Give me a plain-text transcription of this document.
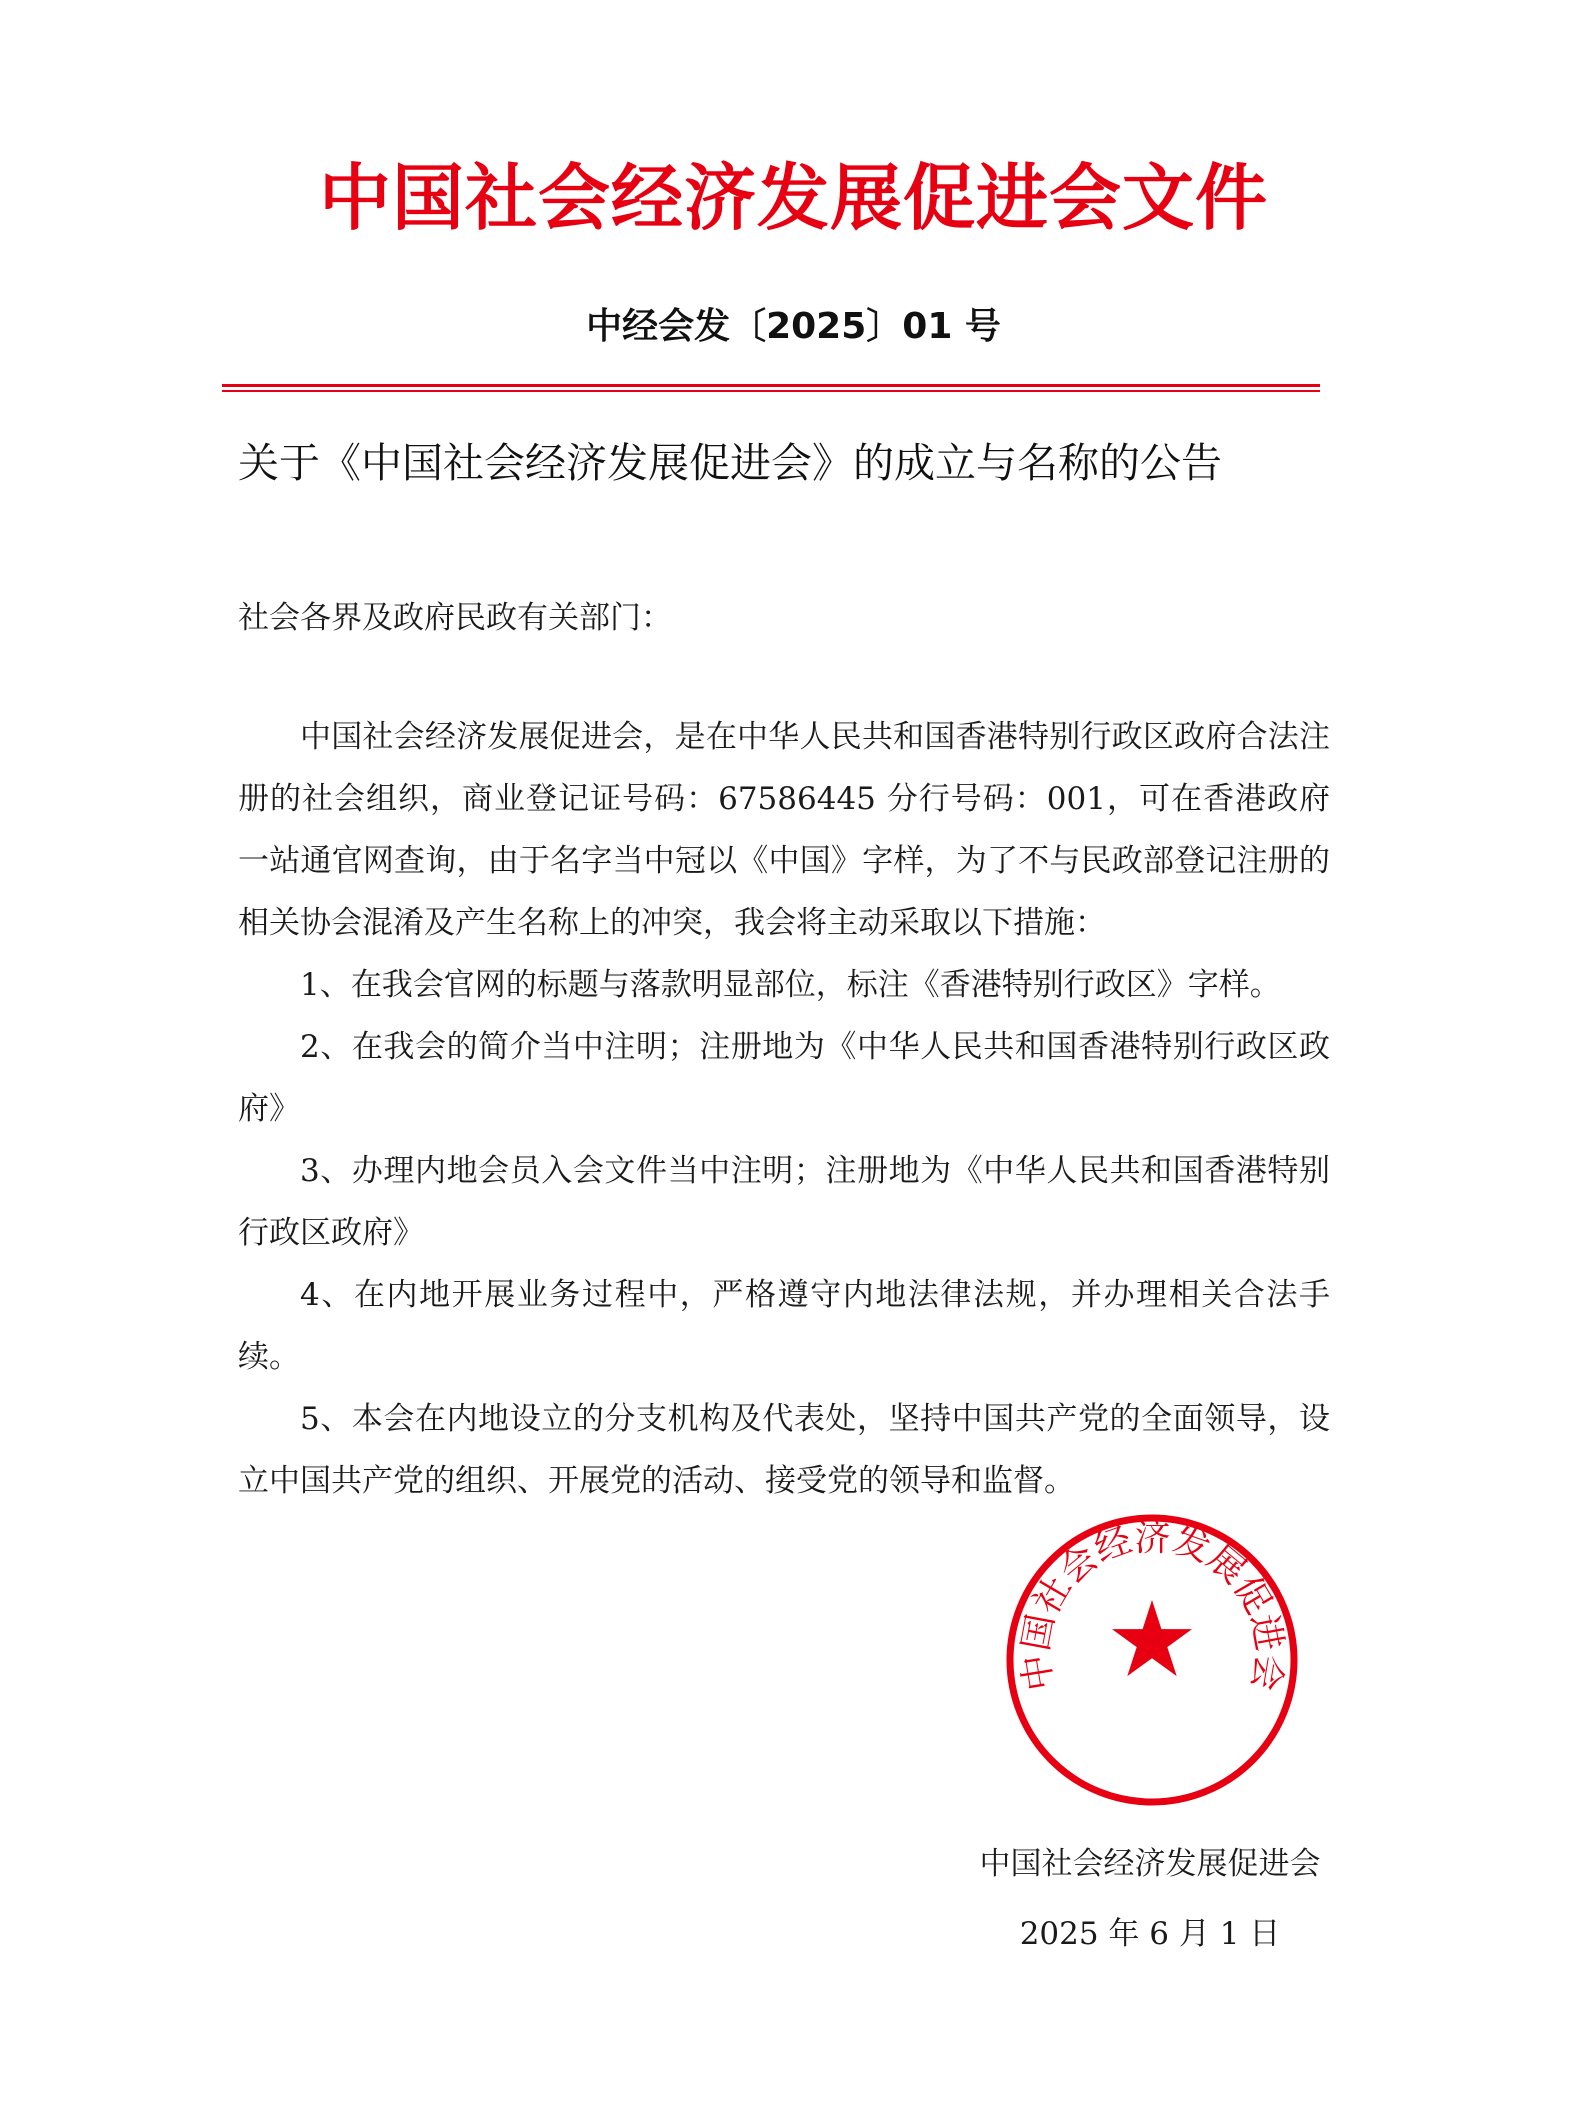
中国社会经济发展促进会文件
中经会发〔2025〕01 号
关于《中国社会经济发展促进会》的成立与名称的公告
社会各界及政府民政有关部门：

中国社会经济发展促进会，是在中华人民共和国香港特别行政区政府合法注册的社会组织，商业登记证号码：67586445 分行号码：001，可在香港政府一站通官网查询，由于名字当中冠以《中国》字样，为了不与民政部登记注册的相关协会混淆及产生名称上的冲突，我会将主动采取以下措施：

1、在我会官网的标题与落款明显部位，标注《香港特别行政区》字样。

2、在我会的简介当中注明；注册地为《中华人民共和国香港特别行政区政府》

3、办理内地会员入会文件当中注明；注册地为《中华人民共和国香港特别行政区政府》

4、在内地开展业务过程中，严格遵守内地法律法规，并办理相关合法手续。

5、本会在内地设立的分支机构及代表处，坚持中国共产党的全面领导，设立中国共产党的组织、开展党的活动、接受党的领导和监督。

中国社会经济发展促进会
中国社会经济发展促进会
2025 年 6 月 1 日
